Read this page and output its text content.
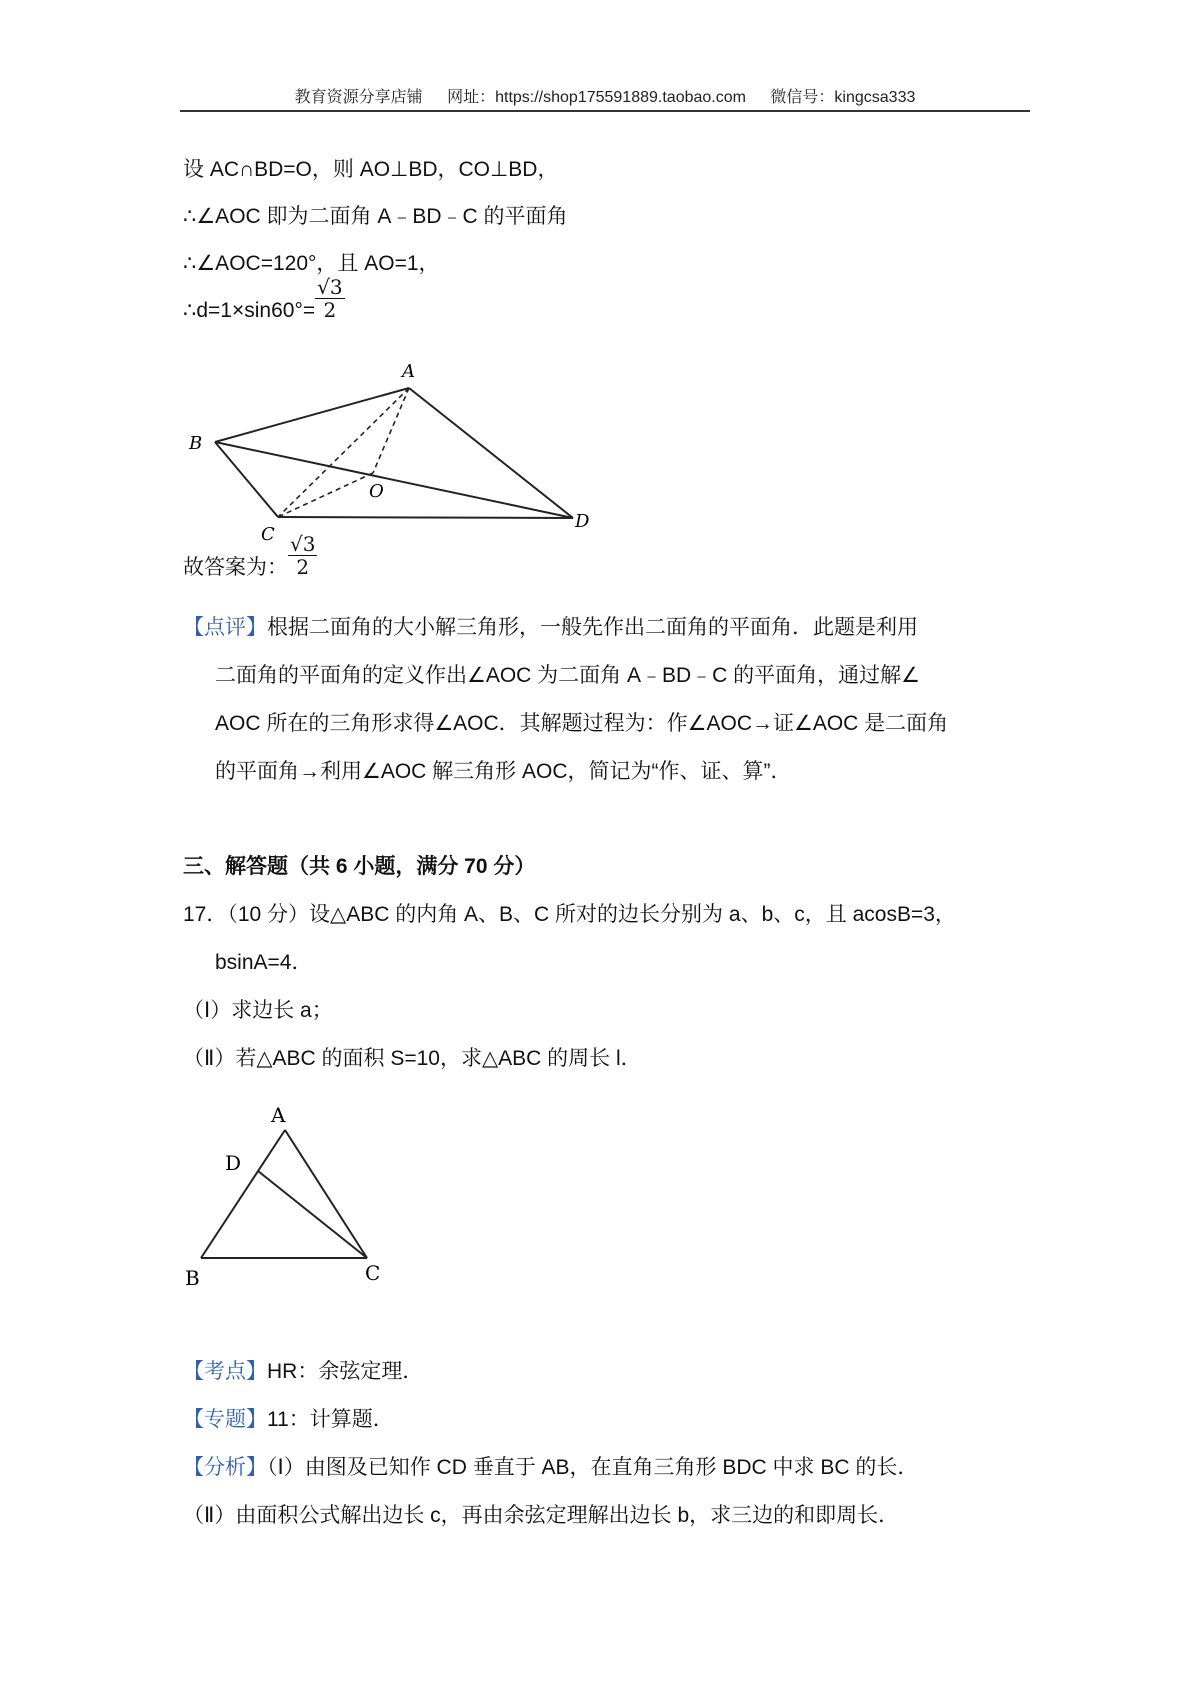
教育资源分享店铺 网址：https://shop175591889.taobao.com 微信号：kingcsa333
设 AC∩BD=O，则 AO⊥BD，CO⊥BD，
∴∠AOC 即为二面角 A﹣BD﹣C 的平面角
∴∠AOC=120°，且 AO=1，
∴d=1×sin60°= $\frac{√3}{2}$
A
B
C
D
O
故答案为： $\frac{√3}{2}$
【点评】根据二面角的大小解三角形，一般先作出二面角的平面角．此题是利用
二面角的平面角的定义作出∠AOC 为二面角 A﹣BD﹣C 的平面角，通过解∠
AOC 所在的三角形求得∠AOC．其解题过程为：作∠AOC→证∠AOC 是二面角
的平面角→利用∠AOC 解三角形 AOC，简记为“作、证、算”．
三、解答题（共 6 小题，满分 70 分）
17．（10 分）设△ABC 的内角 A、B、C 所对的边长分别为 a、b、c，且 acosB=3，
bsinA=4．
（Ⅰ）求边长 a；
（Ⅱ）若△ABC 的面积 S=10，求△ABC 的周长 l．
A
D
B	C
【考点】HR：余弦定理．
【专题】11：计算题．
【分析】（Ⅰ）由图及已知作 CD 垂直于 AB，在直角三角形 BDC 中求 BC 的长．
（Ⅱ）由面积公式解出边长 c，再由余弦定理解出边长 b，求三边的和即周长．
